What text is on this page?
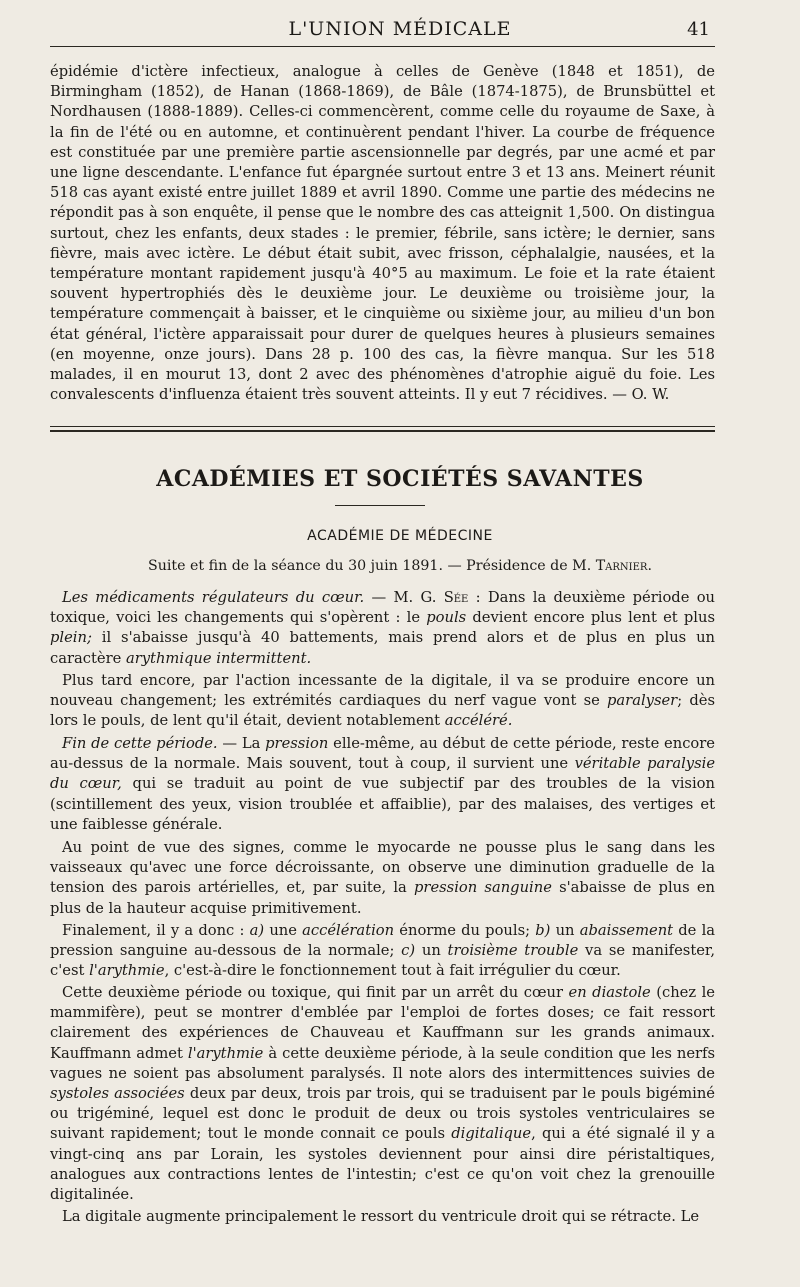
L'UNION MÉDICALE	41

épidémie d'ictère infectieux, analogue à celles de Genève (1848 et 1851), de Birmingham (1852), de Hanan (1868-1869), de Bâle (1874-1875), de Brunsbüttel et Nordhausen (1888-1889). Celles-ci commencèrent, comme celle du royaume de Saxe, à la fin de l'été ou en automne, et continuèrent pendant l'hiver. La courbe de fréquence est constituée par une première partie ascensionnelle par degrés, par une acmé et par une ligne descendante. L'enfance fut épargnée surtout entre 3 et 13 ans. Meinert réunit 518 cas ayant existé entre juillet 1889 et avril 1890. Comme une partie des médecins ne répondit pas à son enquête, il pense que le nombre des cas atteignit 1,500. On distingua surtout, chez les enfants, deux stades : le premier, fébrile, sans ictère; le dernier, sans fièvre, mais avec ictère. Le début était subit, avec frisson, céphalalgie, nausées, et la température montant rapidement jusqu'à 40°5 au maximum. Le foie et la rate étaient souvent hypertrophiés dès le deuxième jour. Le deuxième ou troisième jour, la température commençait à baisser, et le cinquième ou sixième jour, au milieu d'un bon état général, l'ictère apparaissait pour durer de quelques heures à plusieurs semaines (en moyenne, onze jours). Dans 28 p. 100 des cas, la fièvre manqua. Sur les 518 malades, il en mourut 13, dont 2 avec des phénomènes d'atrophie aiguë du foie. Les convalescents d'influenza étaient très souvent atteints. Il y eut 7 récidives. — O. W.

ACADÉMIES ET SOCIÉTÉS SAVANTES
ACADÉMIE DE MÉDECINE
Suite et fin de la séance du 30 juin 1891. — Présidence de M. Tarnier.

Les médicaments régulateurs du cœur. — M. G. Sée : Dans la deuxième période ou toxique, voici les changements qui s'opèrent : le pouls devient encore plus lent et plus plein; il s'abaisse jusqu'à 40 battements, mais prend alors et de plus en plus un caractère arythmique intermittent.

Plus tard encore, par l'action incessante de la digitale, il va se produire encore un nouveau changement; les extrémités cardiaques du nerf vague vont se paralyser; dès lors le pouls, de lent qu'il était, devient notablement accéléré.

Fin de cette période. — La pression elle-même, au début de cette période, reste encore au-dessus de la normale. Mais souvent, tout à coup, il survient une véritable paralysie du cœur, qui se traduit au point de vue subjectif par des troubles de la vision (scintillement des yeux, vision troublée et affaiblie), par des malaises, des vertiges et une faiblesse générale.

Au point de vue des signes, comme le myocarde ne pousse plus le sang dans les vaisseaux qu'avec une force décroissante, on observe une diminution graduelle de la tension des parois artérielles, et, par suite, la pression sanguine s'abaisse de plus en plus de la hauteur acquise primitivement.

Finalement, il y a donc : a) une accélération énorme du pouls; b) un abaissement de la pression sanguine au-dessous de la normale; c) un troisième trouble va se manifester, c'est l'arythmie, c'est-à-dire le fonctionnement tout à fait irrégulier du cœur.

Cette deuxième période ou toxique, qui finit par un arrêt du cœur en diastole (chez le mammifère), peut se montrer d'emblée par l'emploi de fortes doses; ce fait ressort clairement des expériences de Chauveau et Kauffmann sur les grands animaux. Kauffmann admet l'arythmie à cette deuxième période, à la seule condition que les nerfs vagues ne soient pas absolument paralysés. Il note alors des intermittences suivies de systoles associées deux par deux, trois par trois, qui se traduisent par le pouls bigéminé ou trigéminé, lequel est donc le produit de deux ou trois systoles ventriculaires se suivant rapidement; tout le monde connait ce pouls digitalique, qui a été signalé il y a vingt-cinq ans par Lorain, les systoles deviennent pour ainsi dire péristaltiques, analogues aux contractions lentes de l'intestin; c'est ce qu'on voit chez la grenouille digitalinée.

La digitale augmente principalement le ressort du ventricule droit qui se rétracte. Le
